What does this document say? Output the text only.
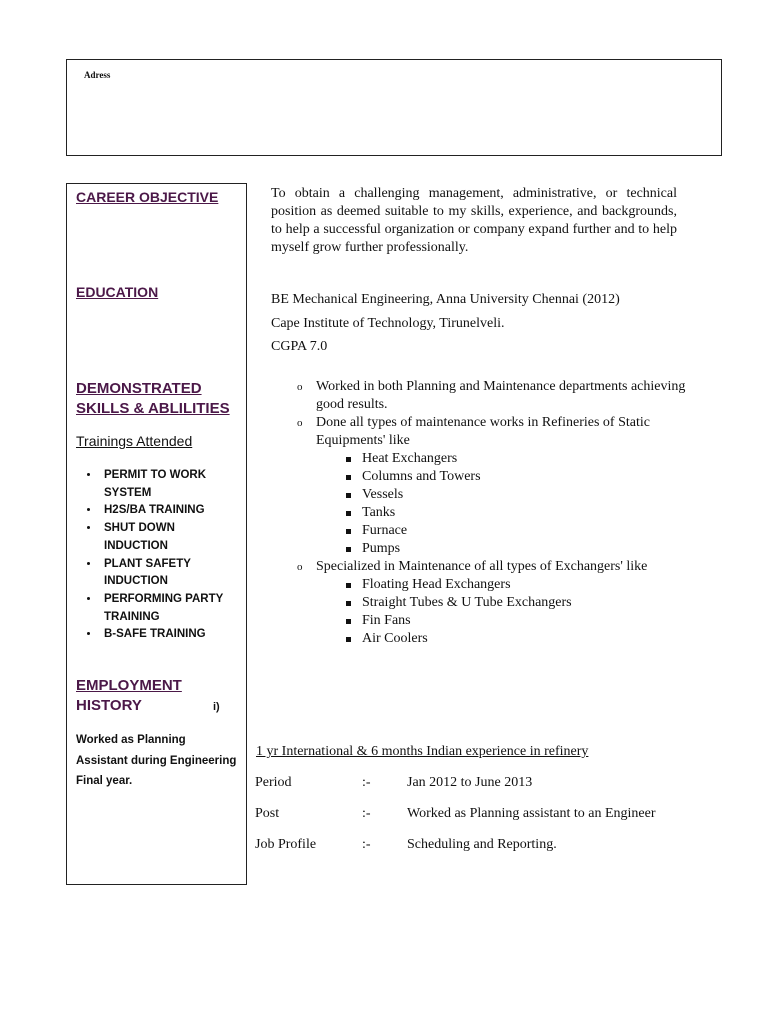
Adress
CAREER OBJECTIVE
EDUCATION
DEMONSTRATED
SKILLS & ABLILITIES
Trainings Attended
• PERMIT TO WORK
SYSTEM
• H2S/BA TRAINING
• SHUT DOWN
INDUCTION
• PLANT SAFETY
INDUCTION
• PERFORMING PARTY
TRAINING
• B-SAFE TRAINING
EMPLOYMENT
HISTORY	i)
Worked as Planning
Assistant during Engineering
Final year.
To obtain a challenging management, administrative, or technical position as deemed suitable to my skills, experience, and backgrounds, to help a successful organization or company expand further and to help myself grow further professionally.
BE Mechanical Engineering, Anna University Chennai (2012)
Cape Institute of Technology, Tirunelveli.
CGPA 7.0
o Worked in both Planning and Maintenance departments achieving good results.
o Done all types of maintenance works in Refineries of Static Equipments' like
Heat Exchangers
Columns and Towers
Vessels
Tanks
Furnace
Pumps
o Specialized in Maintenance of all types of Exchangers' like
Floating Head Exchangers
Straight Tubes & U Tube Exchangers
Fin Fans
Air Coolers
1 yr International & 6 months Indian experience in refinery
Period	:-	Jan 2012 to June 2013
Post	:-	Worked as Planning assistant to an Engineer
Job Profile	:-	Scheduling and Reporting.
